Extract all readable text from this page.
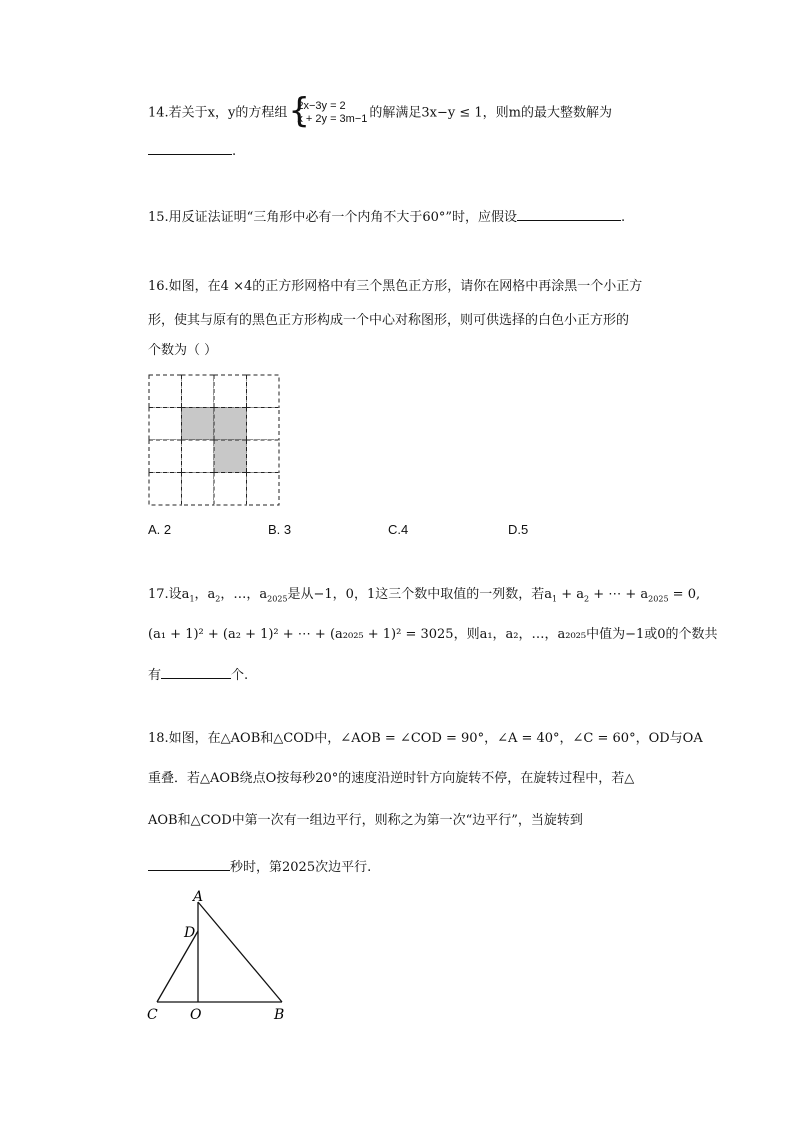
14.若关于x，y的方程组 {
2x−3y = 2
x + 2y = 3m−1 的解满足3x−y ≤ 1，则m的最大整数解为
.
15.用反证法证明“三角形中必有一个内角不大于60°”时，应假设	.
16.如图，在4 ×4的正方形网格中有三个黑色正方形，请你在网格中再涂黑一个小正方
形，使其与原有的黑色正方形构成一个中心对称图形，则可供选择的白色小正方形的
个数为（ ）
A. 2	B. 3	C.4	D.5
17.设$a_1$，$a_2$，…，$a_{2025}$是从−1，0，1这三个数中取值的一列数，若$a_1 + a_2$ + ⋯ + $a_{2025} = 0$,
(a₁ + 1)² + (a₂ + 1)² + ⋯ + (a₂₀₂₅ + 1)² = 3025，则a₁，a₂，…，a₂₀₂₅中值为−1或0的个数共
有	个.
18.如图，在△AOB和△COD中，∠AOB = ∠COD = 90°，∠A = 40°，∠C = 60°，OD与OA
重叠．若△AOB绕点O按每秒20°的速度沿逆时针方向旋转不停，在旋转过程中，若△
AOB和△COD中第一次有一组边平行，则称之为第一次“边平行”，当旋转到
秒时，第2025次边平行.
A
D
C O	B
